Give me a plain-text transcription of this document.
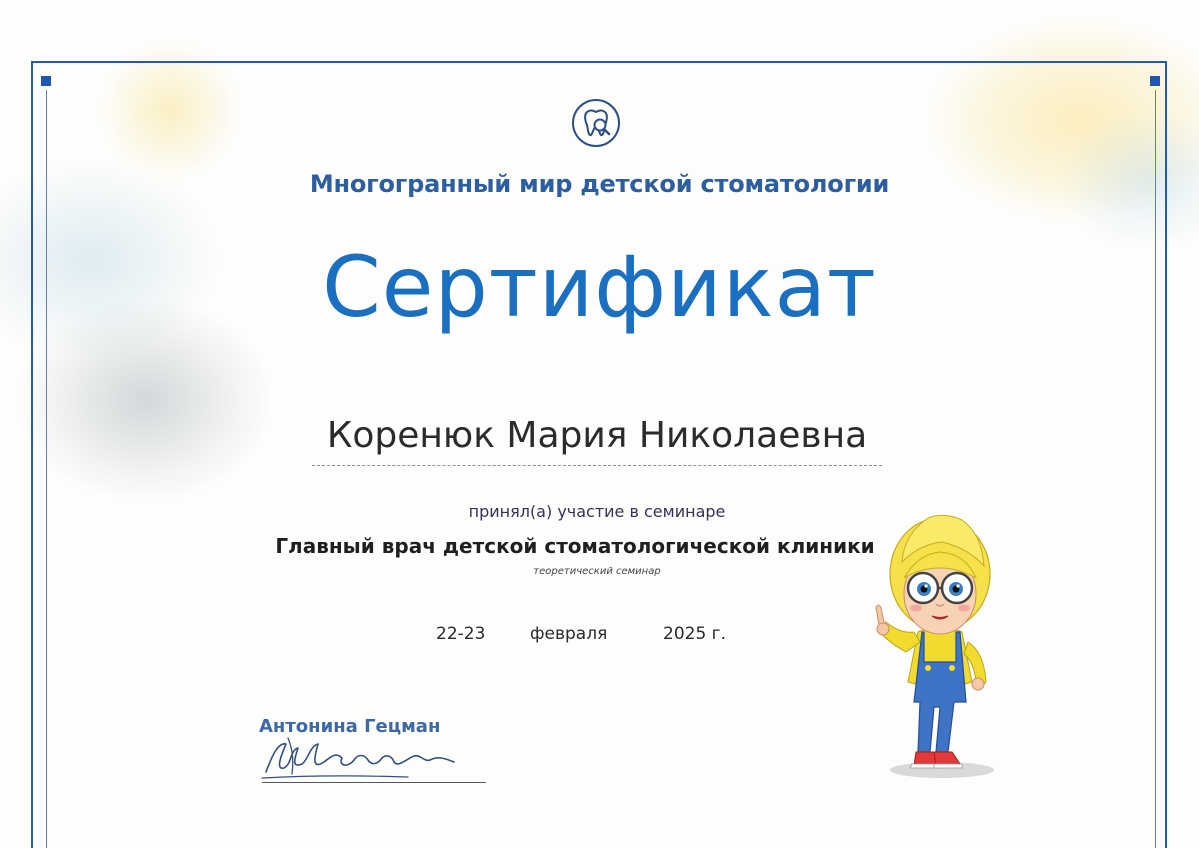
Многогранный мир детской стоматологии
Сертификат
Коренюк Мария Николаевна
принял(а) участие в семинаре
Главный врач детской стоматологической клиники
теоретический семинар
22-23	февраля	2025 г.
Антонина Гецман
